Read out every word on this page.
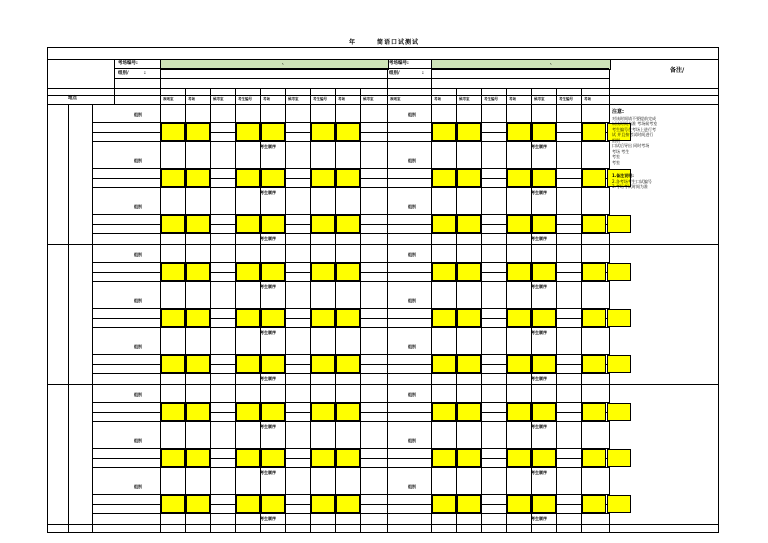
年	简语口试测试
、	、
考场编号:
组别/	:
考场编号:
组别/	:	备注/
地点	准则室	考场	候考室	考生编号	考场	候考室	考生编号	考场	候考室	准则室	考场	候考室	考生编号	考场	候考室	考生编号	考场
组别	组别
考生顺序	考生顺序
组别	组别
考生顺序	考生顺序
组别	组别
考生顺序	考生顺序
组别	组别
考生顺序	考生顺序
组别	组别
考生顺序	考生顺序
组别	组别
考生顺序	考生顺序
组别	组别
考生顺序	考生顺序
组别	组别
考生顺序	考生顺序
组别	组别
考生顺序	考生顺序
注意:
对该时间请不要提前完成
以该时间为准 考场候考室
考生编号在考场上进行考
试 并且按考试时间进行
组别
口试后导出 同时考场
考场 考生
考室
考室
1.备注说明:
2.各考场考生口试编号
3.考场考试时间为准
